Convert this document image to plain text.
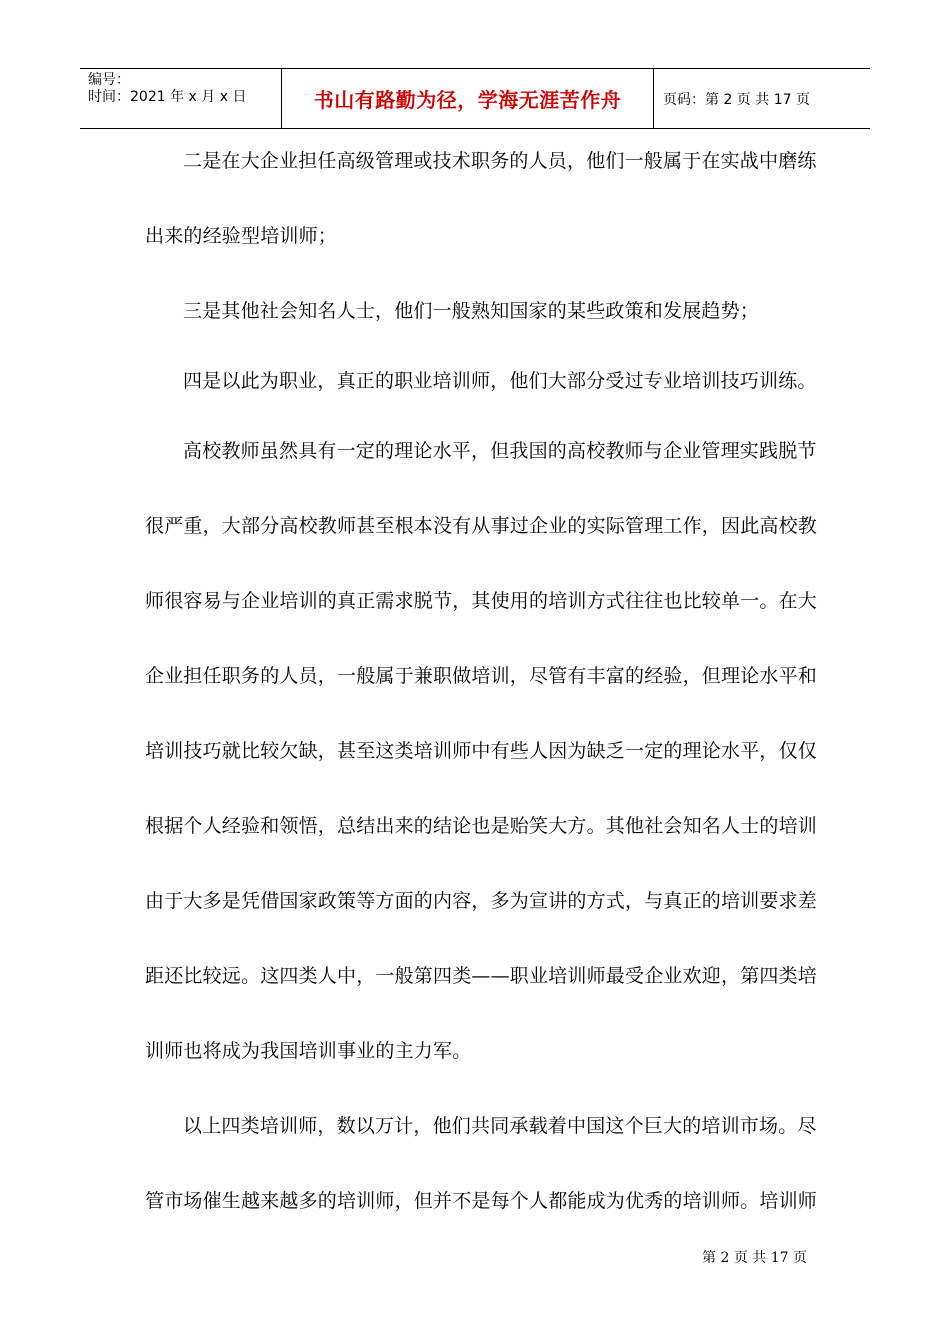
编号：
时间：2021 年 x 月 x 日	书山有路勤为径，学海无涯苦作舟	页码：第 2 页 共 17 页
二是在大企业担任高级管理或技术职务的人员，他们一般属于在实战中磨练
出来的经验型培训师；
三是其他社会知名人士，他们一般熟知国家的某些政策和发展趋势；
四是以此为职业，真正的职业培训师，他们大部分受过专业培训技巧训练。
高校教师虽然具有一定的理论水平，但我国的高校教师与企业管理实践脱节
很严重，大部分高校教师甚至根本没有从事过企业的实际管理工作，因此高校教
师很容易与企业培训的真正需求脱节，其使用的培训方式往往也比较单一。在大
企业担任职务的人员，一般属于兼职做培训，尽管有丰富的经验，但理论水平和
培训技巧就比较欠缺，甚至这类培训师中有些人因为缺乏一定的理论水平，仅仅
根据个人经验和领悟，总结出来的结论也是贻笑大方。其他社会知名人士的培训
由于大多是凭借国家政策等方面的内容，多为宣讲的方式，与真正的培训要求差
距还比较远。这四类人中，一般第四类——职业培训师最受企业欢迎，第四类培
训师也将成为我国培训事业的主力军。
以上四类培训师，数以万计，他们共同承载着中国这个巨大的培训市场。尽
管市场催生越来越多的培训师，但并不是每个人都能成为优秀的培训师。培训师
第 2 页 共 17 页
